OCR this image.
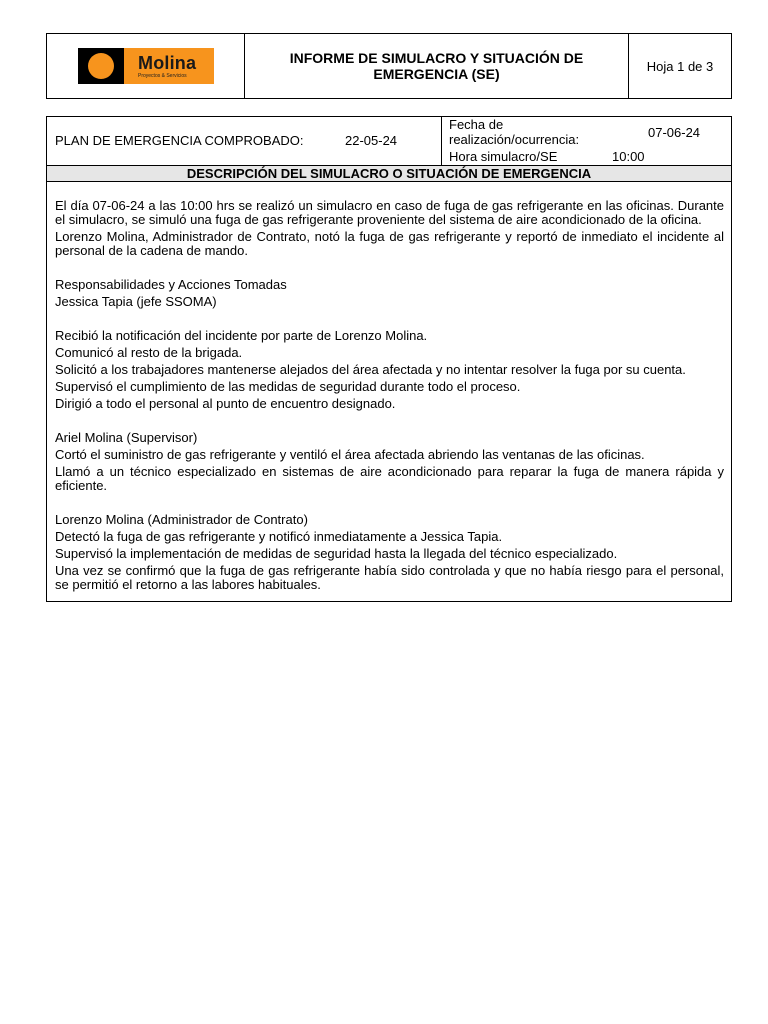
Molina
Proyectos & Servicios
INFORME DE SIMULACRO Y SITUACIÓN DE EMERGENCIA (SE)	Hoja 1 de 3
PLAN DE EMERGENCIA COMPROBADO:	22-05-24
Fecha de realización/ocurrencia:	07-06-24
Hora simulacro/SE	10:00
DESCRIPCIÓN DEL SIMULACRO O SITUACIÓN DE EMERGENCIA

El día 07-06-24 a las 10:00 hrs se realizó un simulacro en caso de fuga de gas refrigerante en las oficinas. Durante el simulacro, se simuló una fuga de gas refrigerante proveniente del sistema de aire acondicionado de la oficina.

Lorenzo Molina, Administrador de Contrato, notó la fuga de gas refrigerante y reportó de inmediato el incidente al personal de la cadena de mando.

Responsabilidades y Acciones Tomadas

Jessica Tapia (jefe SSOMA)

Recibió la notificación del incidente por parte de Lorenzo Molina.

Comunicó al resto de la brigada.

Solicitó a los trabajadores mantenerse alejados del área afectada y no intentar resolver la fuga por su cuenta.

Supervisó el cumplimiento de las medidas de seguridad durante todo el proceso.

Dirigió a todo el personal al punto de encuentro designado.

Ariel Molina (Supervisor)

Cortó el suministro de gas refrigerante y ventiló el área afectada abriendo las ventanas de las oficinas.

Llamó a un técnico especializado en sistemas de aire acondicionado para reparar la fuga de manera rápida y eficiente.

Lorenzo Molina (Administrador de Contrato)

Detectó la fuga de gas refrigerante y notificó inmediatamente a Jessica Tapia.

Supervisó la implementación de medidas de seguridad hasta la llegada del técnico especializado.

Una vez se confirmó que la fuga de gas refrigerante había sido controlada y que no había riesgo para el personal, se permitió el retorno a las labores habituales.
